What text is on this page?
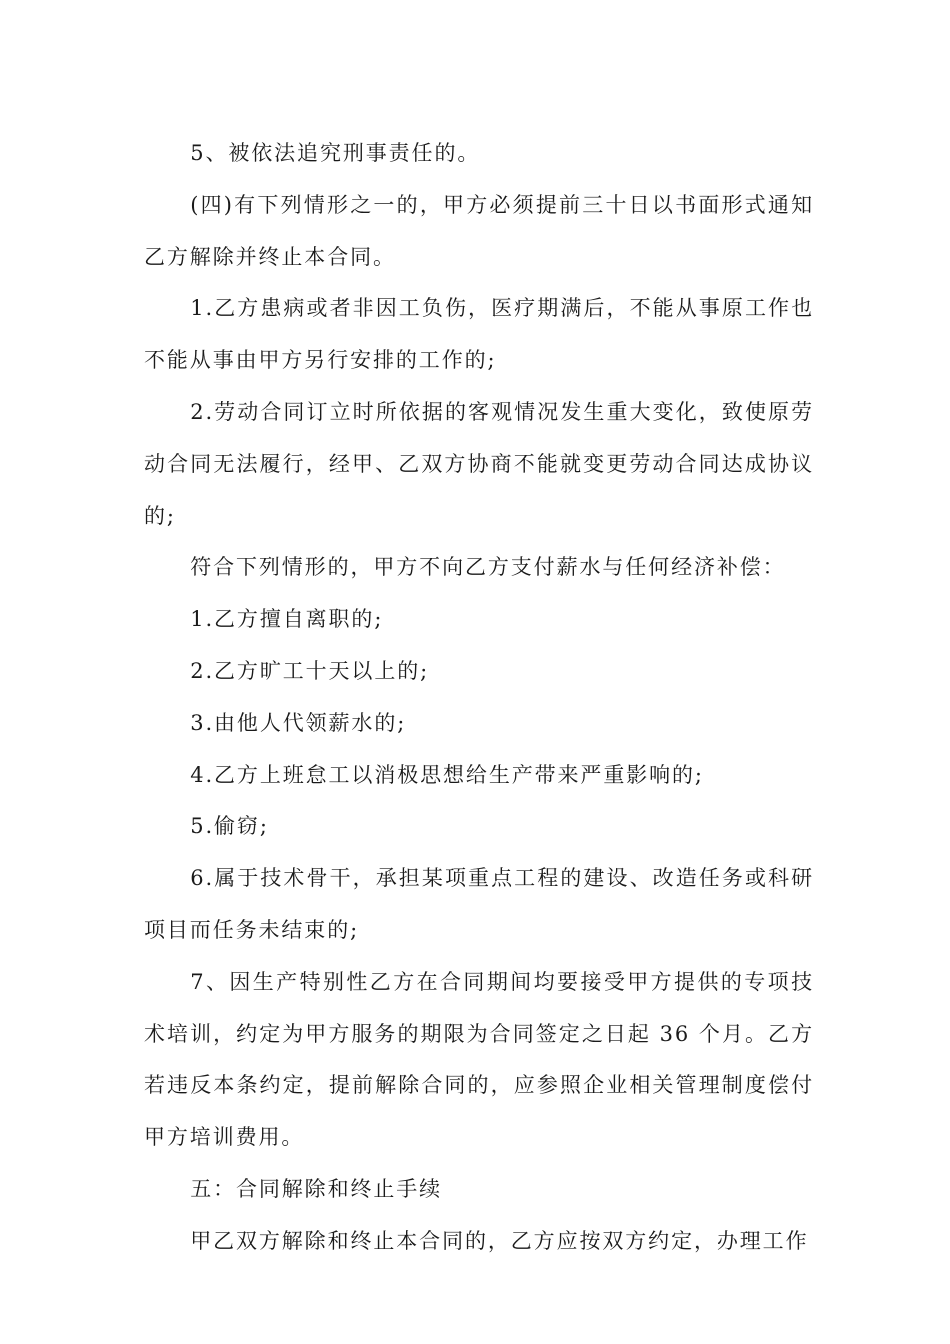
5、被依法追究刑事责任的。

(四)有下列情形之一的，甲方必须提前三十日以书面形式通知乙方解除并终止本合同。

1.乙方患病或者非因工负伤，医疗期满后，不能从事原工作也不能从事由甲方另行安排的工作的;

2.劳动合同订立时所依据的客观情况发生重大变化，致使原劳动合同无法履行，经甲、乙双方协商不能就变更劳动合同达成协议的;

符合下列情形的，甲方不向乙方支付薪水与任何经济补偿：

1.乙方擅自离职的;

2.乙方旷工十天以上的;

3.由他人代领薪水的;

4.乙方上班怠工以消极思想给生产带来严重影响的;

5.偷窃;

6.属于技术骨干，承担某项重点工程的建设、改造任务或科研项目而任务未结束的;

7、因生产特别性乙方在合同期间均要接受甲方提供的专项技术培训，约定为甲方服务的期限为合同签定之日起 36 个月。乙方若违反本条约定，提前解除合同的，应参照企业相关管理制度偿付甲方培训费用。

五：合同解除和终止手续

甲乙双方解除和终止本合同的，乙方应按双方约定，办理工作
